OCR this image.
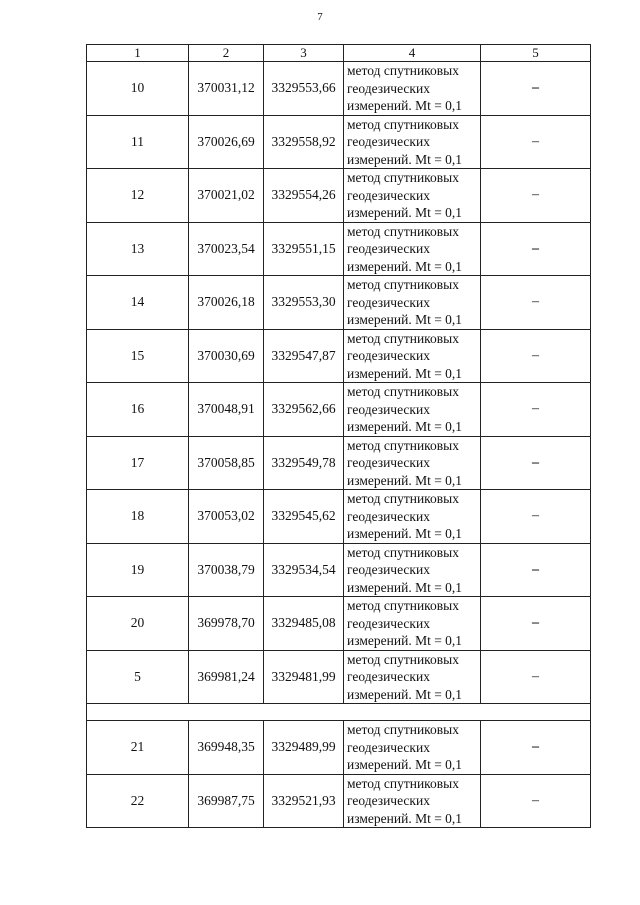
7
1	2	3	4	5
10	370031,12	3329553,66	метод спутниковых
геодезических
измерений. Mt = 0,1	–
11	370026,69	3329558,92	метод спутниковых
геодезических
измерений. Mt = 0,1	–
12	370021,02	3329554,26	метод спутниковых
геодезических
измерений. Mt = 0,1	–
13	370023,54	3329551,15	метод спутниковых
геодезических
измерений. Mt = 0,1	–
14	370026,18	3329553,30	метод спутниковых
геодезических
измерений. Mt = 0,1	–
15	370030,69	3329547,87	метод спутниковых
геодезических
измерений. Mt = 0,1	–
16	370048,91	3329562,66	метод спутниковых
геодезических
измерений. Mt = 0,1	–
17	370058,85	3329549,78	метод спутниковых
геодезических
измерений. Mt = 0,1	–
18	370053,02	3329545,62	метод спутниковых
геодезических
измерений. Mt = 0,1	–
19	370038,79	3329534,54	метод спутниковых
геодезических
измерений. Mt = 0,1	–
20	369978,70	3329485,08	метод спутниковых
геодезических
измерений. Mt = 0,1	–
5	369981,24	3329481,99	метод спутниковых
геодезических
измерений. Mt = 0,1	–

21	369948,35	3329489,99	метод спутниковых
геодезических
измерений. Mt = 0,1	–
22	369987,75	3329521,93	метод спутниковых
геодезических
измерений. Mt = 0,1	–
